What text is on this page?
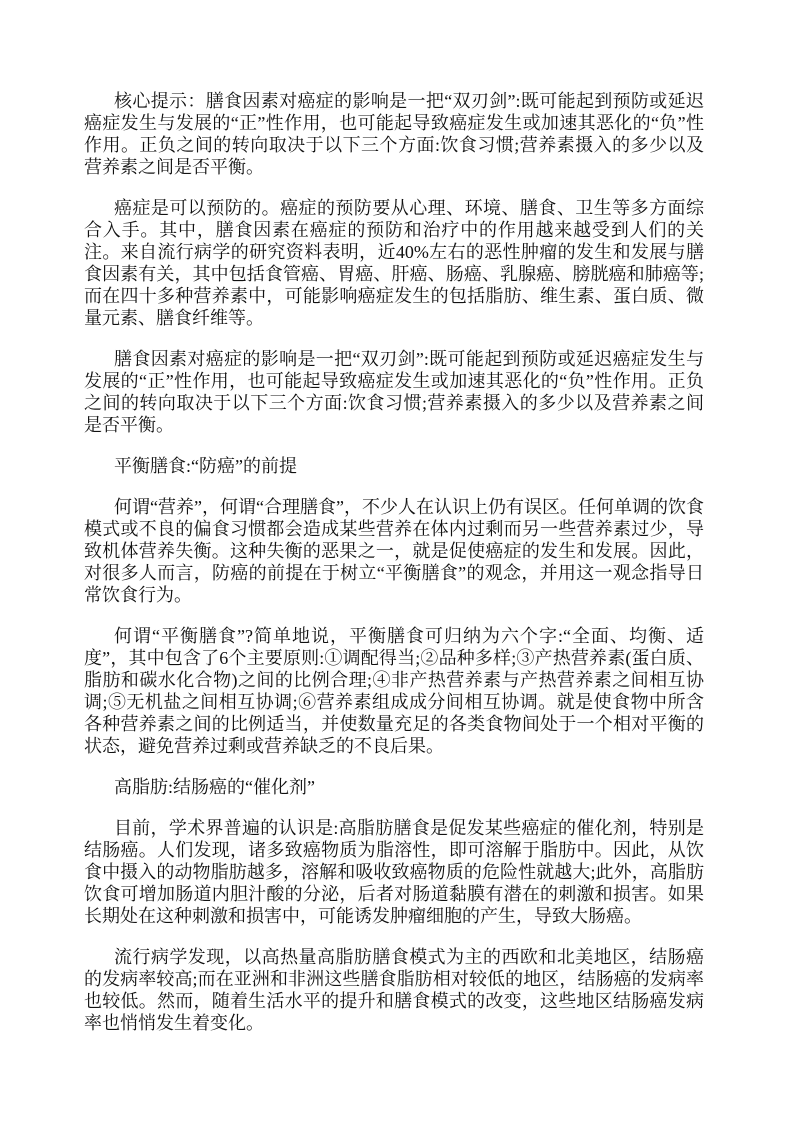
核心提示：膳食因素对癌症的影响是一把“双刃剑”:既可能起到预防或延迟癌症发生与发展的“正”性作用，也可能起导致癌症发生或加速其恶化的“负”性作用。正负之间的转向取决于以下三个方面:饮食习惯;营养素摄入的多少以及营养素之间是否平衡。

癌症是可以预防的。癌症的预防要从心理、环境、膳食、卫生等多方面综合入手。其中，膳食因素在癌症的预防和治疗中的作用越来越受到人们的关注。来自流行病学的研究资料表明，近40%左右的恶性肿瘤的发生和发展与膳食因素有关，其中包括食管癌、胃癌、肝癌、肠癌、乳腺癌、膀胱癌和肺癌等;而在四十多种营养素中，可能影响癌症发生的包括脂肪、维生素、蛋白质、微量元素、膳食纤维等。

膳食因素对癌症的影响是一把“双刃剑”:既可能起到预防或延迟癌症发生与发展的“正”性作用，也可能起导致癌症发生或加速其恶化的“负”性作用。正负之间的转向取决于以下三个方面:饮食习惯;营养素摄入的多少以及营养素之间是否平衡。

平衡膳食:“防癌”的前提

何谓“营养”，何谓“合理膳食”，不少人在认识上仍有误区。任何单调的饮食模式或不良的偏食习惯都会造成某些营养在体内过剩而另一些营养素过少，导致机体营养失衡。这种失衡的恶果之一，就是促使癌症的发生和发展。因此，对很多人而言，防癌的前提在于树立“平衡膳食”的观念，并用这一观念指导日常饮食行为。

何谓“平衡膳食”?简单地说，平衡膳食可归纳为六个字:“全面、均衡、适度”，其中包含了6个主要原则:①调配得当;②品种多样;③产热营养素(蛋白质、脂肪和碳水化合物)之间的比例合理;④非产热营养素与产热营养素之间相互协调;⑤无机盐之间相互协调;⑥营养素组成成分间相互协调。就是使食物中所含各种营养素之间的比例适当，并使数量充足的各类食物间处于一个相对平衡的状态，避免营养过剩或营养缺乏的不良后果。

高脂肪:结肠癌的“催化剂”

目前，学术界普遍的认识是:高脂肪膳食是促发某些癌症的催化剂，特别是结肠癌。人们发现，诸多致癌物质为脂溶性，即可溶解于脂肪中。因此，从饮食中摄入的动物脂肪越多，溶解和吸收致癌物质的危险性就越大;此外，高脂肪饮食可增加肠道内胆汁酸的分泌，后者对肠道黏膜有潜在的刺激和损害。如果长期处在这种刺激和损害中，可能诱发肿瘤细胞的产生，导致大肠癌。

流行病学发现，以高热量高脂肪膳食模式为主的西欧和北美地区，结肠癌的发病率较高;而在亚洲和非洲这些膳食脂肪相对较低的地区，结肠癌的发病率也较低。然而，随着生活水平的提升和膳食模式的改变，这些地区结肠癌发病率也悄悄发生着变化。
